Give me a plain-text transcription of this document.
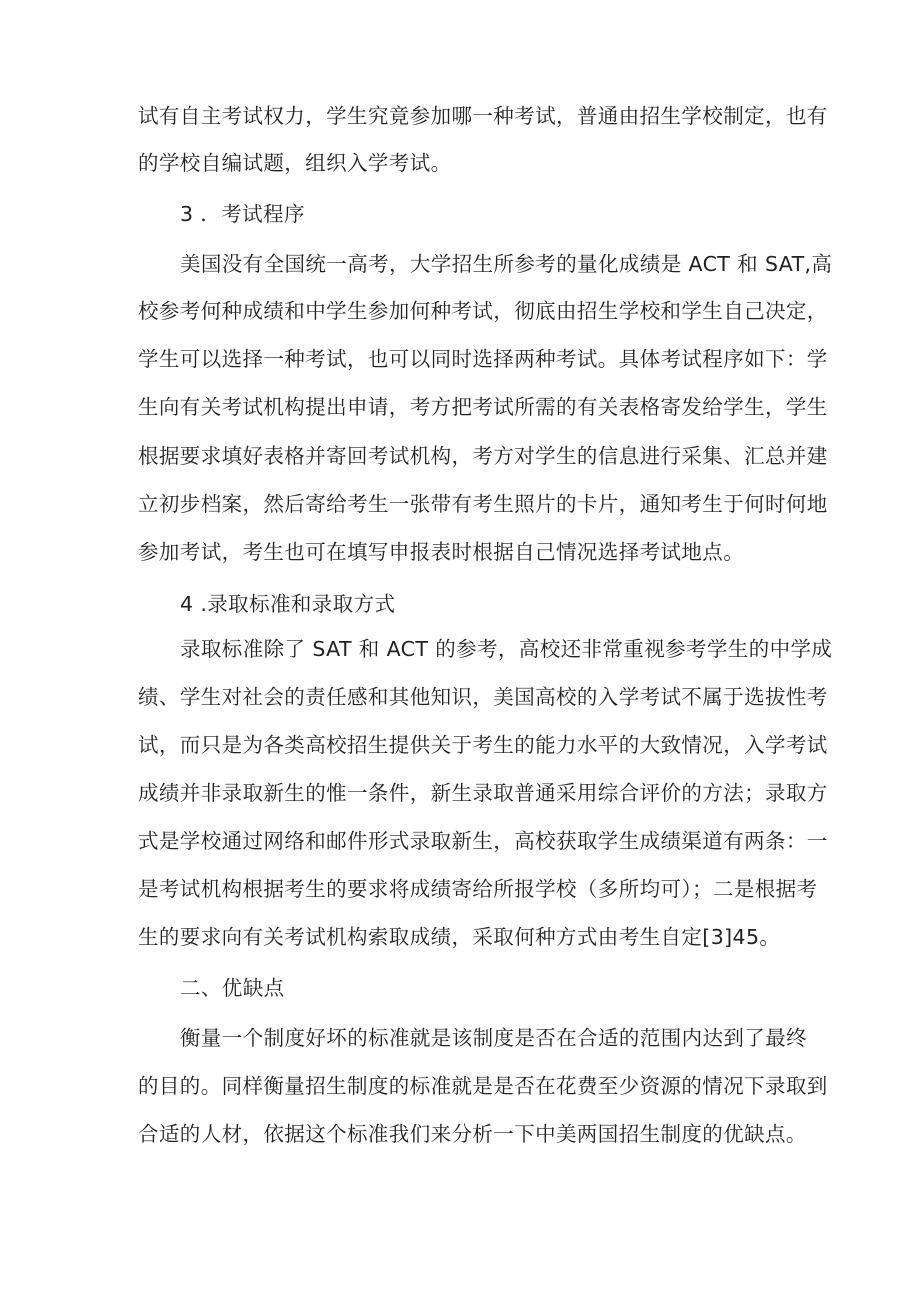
试有自主考试权力，学生究竟参加哪一种考试，普通由招生学校制定，也有
的学校自编试题，组织入学考试。
3 ．考试程序
美国没有全国统一高考，大学招生所参考的量化成绩是 ACT 和 SAT,高
校参考何种成绩和中学生参加何种考试，彻底由招生学校和学生自己决定，
学生可以选择一种考试，也可以同时选择两种考试。具体考试程序如下：学
生向有关考试机构提出申请，考方把考试所需的有关表格寄发给学生，学生
根据要求填好表格并寄回考试机构，考方对学生的信息进行采集、汇总并建
立初步档案，然后寄给考生一张带有考生照片的卡片，通知考生于何时何地
参加考试，考生也可在填写申报表时根据自己情况选择考试地点。
4 .录取标准和录取方式
录取标准除了 SAT 和 ACT 的参考，高校还非常重视参考学生的中学成
绩、学生对社会的责任感和其他知识，美国高校的入学考试不属于选拔性考
试，而只是为各类高校招生提供关于考生的能力水平的大致情况，入学考试
成绩并非录取新生的惟一条件，新生录取普通采用综合评价的方法；录取方
式是学校通过网络和邮件形式录取新生，高校获取学生成绩渠道有两条：一
是考试机构根据考生的要求将成绩寄给所报学校（多所均可）；二是根据考
生的要求向有关考试机构索取成绩，采取何种方式由考生自定[3]45。
二、优缺点
衡量一个制度好坏的标准就是该制度是否在合适的范围内达到了最终
的目的。同样衡量招生制度的标准就是是否在花费至少资源的情况下录取到
合适的人材，依据这个标准我们来分析一下中美两国招生制度的优缺点。
